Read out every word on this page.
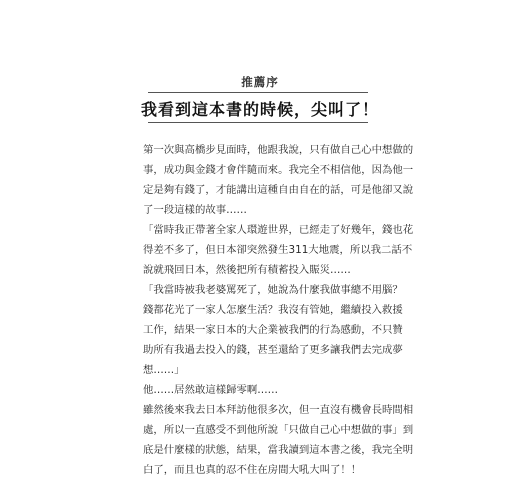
推薦序
我看到這本書的時候，尖叫了！
第一次與高橋步見面時，他跟我說，只有做自己心中想做的
事，成功與金錢才會伴隨而來。我完全不相信他，因為他一
定是夠有錢了，才能講出這種自由自在的話，可是他卻又說
了一段這樣的故事……
「當時我正帶著全家人環遊世界，已經走了好幾年，錢也花
得差不多了，但日本卻突然發生311大地震，所以我二話不
說就飛回日本，然後把所有積蓄投入賑災……
「我當時被我老婆罵死了，她說為什麼我做事總不用腦？
錢都花光了一家人怎麼生活？我沒有管她，繼續投入救援
工作，結果一家日本的大企業被我們的行為感動，不只贊
助所有我過去投入的錢，甚至還給了更多讓我們去完成夢
想……」
他……居然敢這樣歸零啊……
雖然後來我去日本拜訪他很多次，但一直沒有機會長時間相
處，所以一直感受不到他所說「只做自己心中想做的事」到
底是什麼樣的狀態，結果，當我讀到這本書之後，我完全明
白了，而且也真的忍不住在房間大吼大叫了！！
